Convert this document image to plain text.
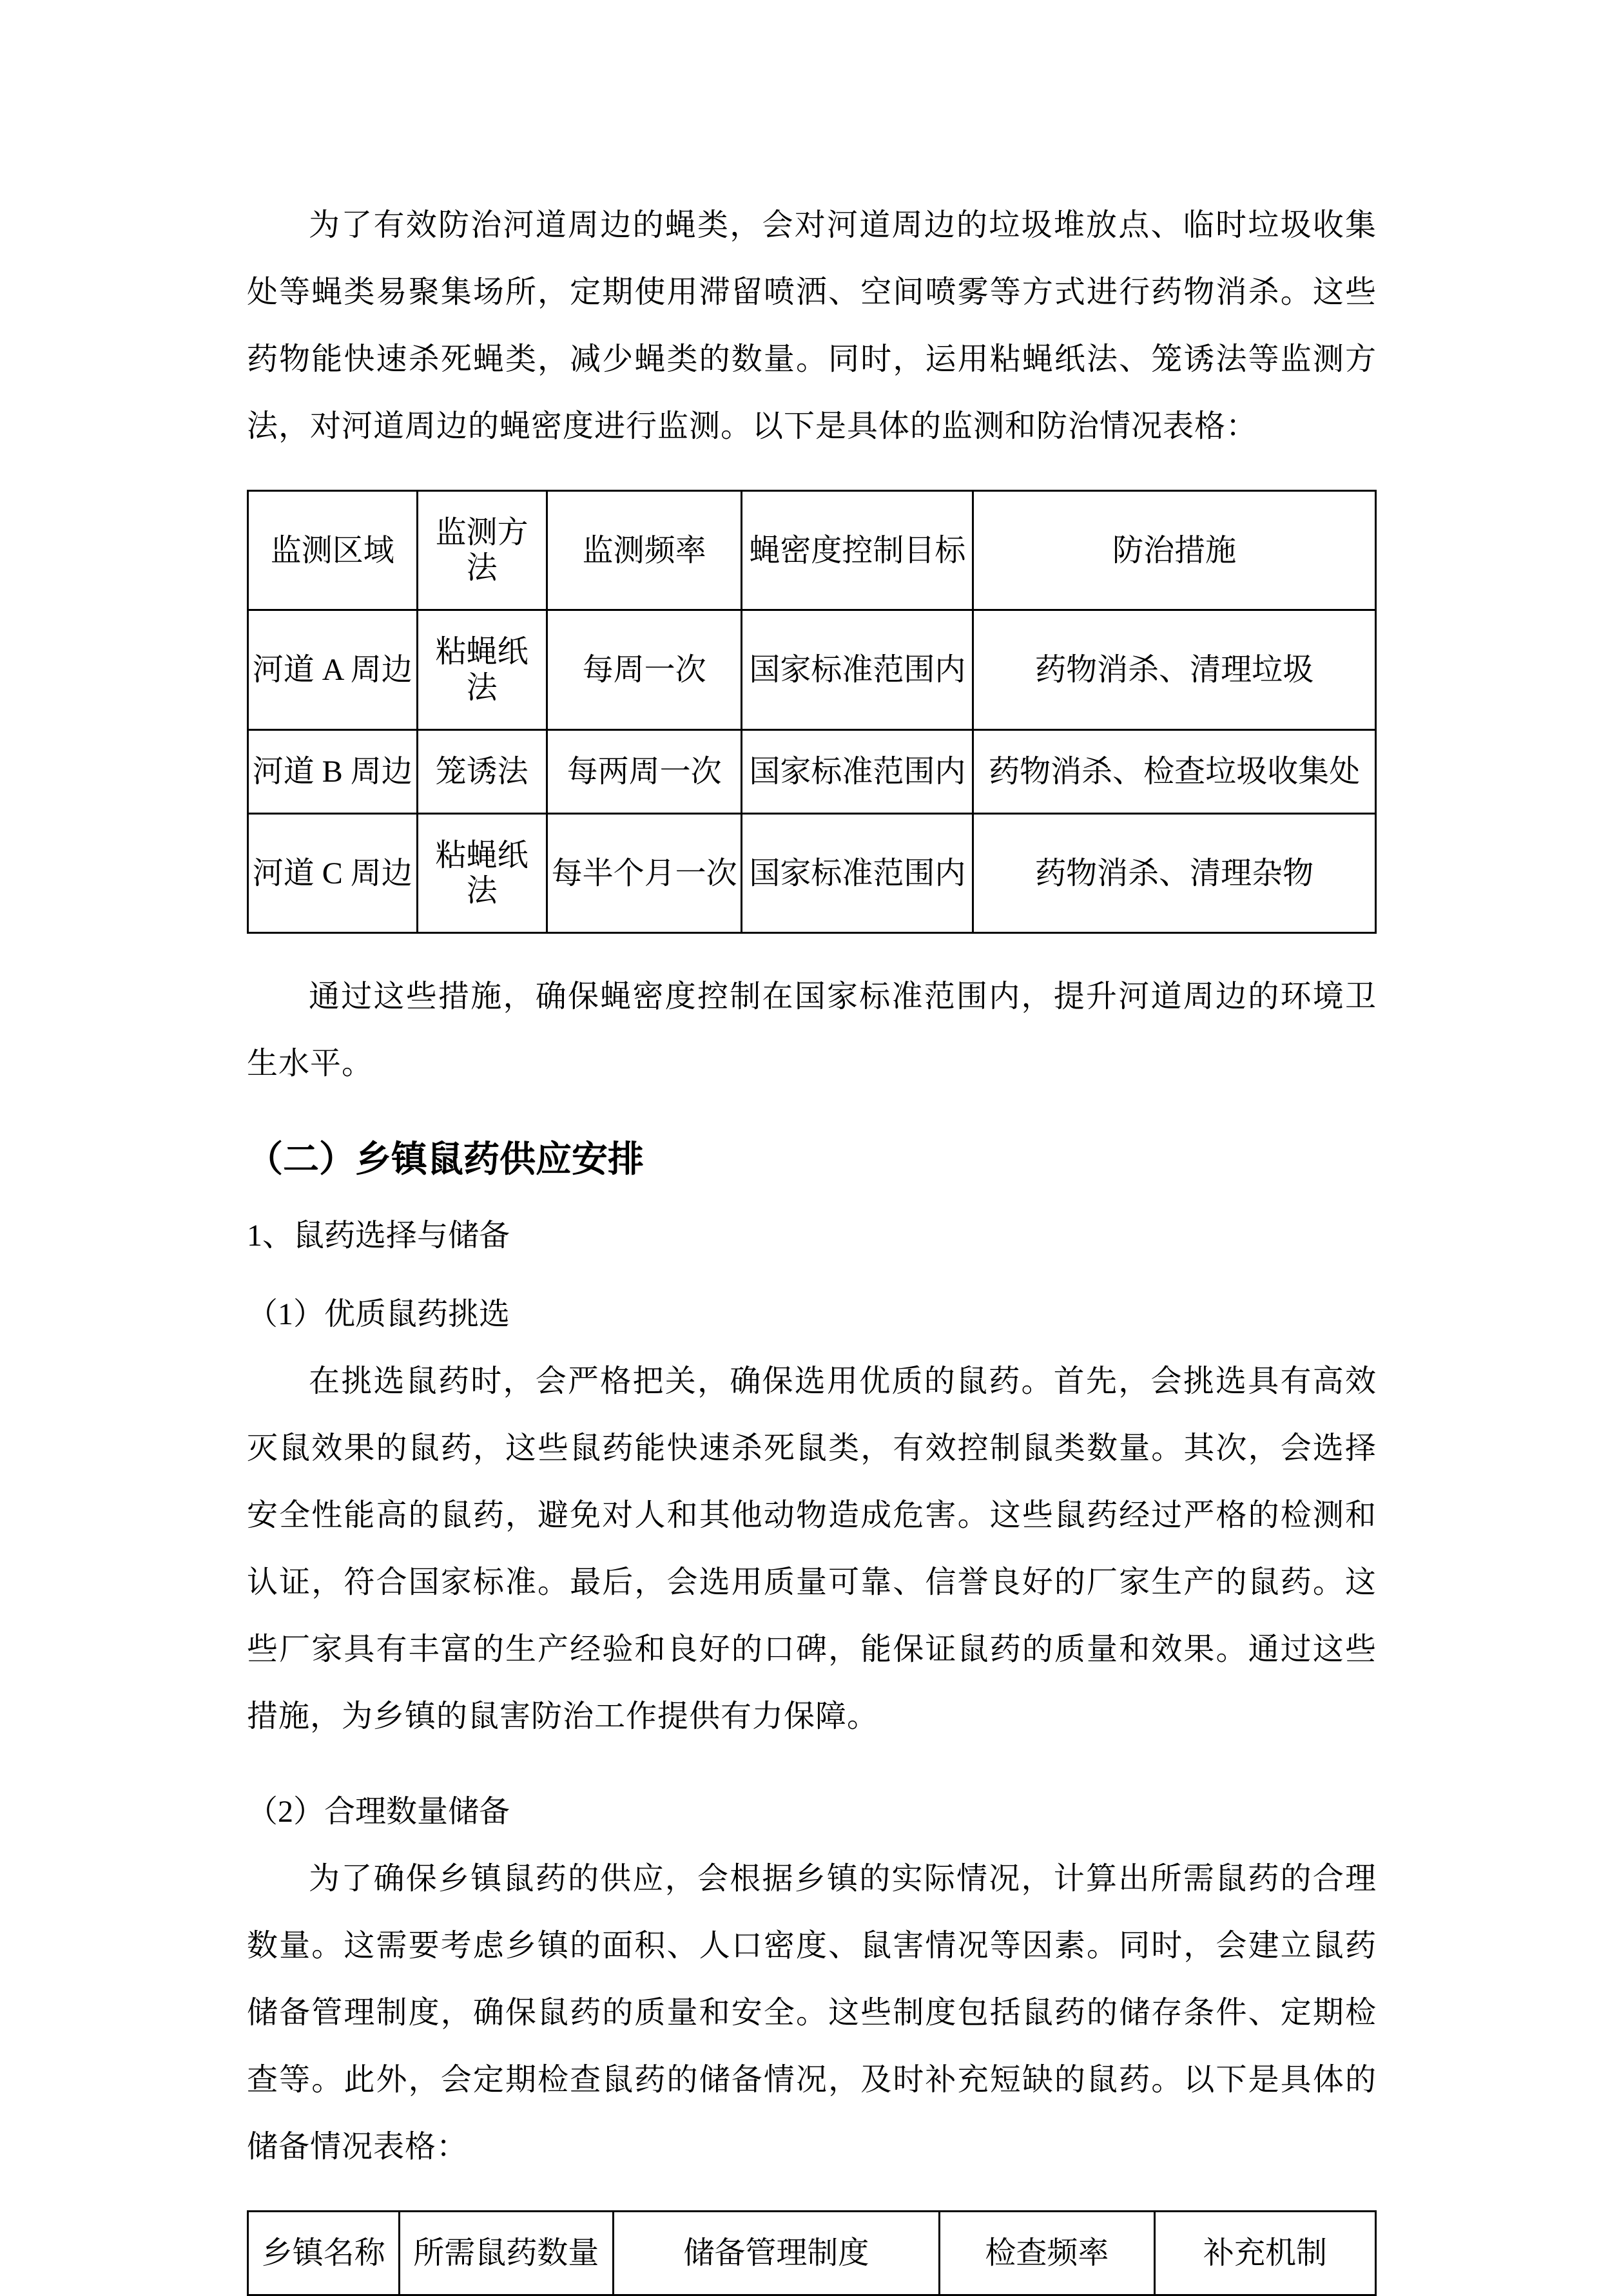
为了有效防治河道周边的蝇类，会对河道周边的垃圾堆放点、临时垃圾收集处等蝇类易聚集场所，定期使用滞留喷洒、空间喷雾等方式进行药物消杀。这些药物能快速杀死蝇类，减少蝇类的数量。同时，运用粘蝇纸法、笼诱法等监测方法，对河道周边的蝇密度进行监测。以下是具体的监测和防治情况表格：

监测区域	监测方法	监测频率	蝇密度控制目标	防治措施
河道 A 周边	粘蝇纸法	每周一次	国家标准范围内	药物消杀、清理垃圾
河道 B 周边	笼诱法	每两周一次	国家标准范围内	药物消杀、检查垃圾收集处
河道 C 周边	粘蝇纸法	每半个月一次	国家标准范围内	药物消杀、清理杂物

通过这些措施，确保蝇密度控制在国家标准范围内，提升河道周边的环境卫生水平。

（二）乡镇鼠药供应安排
1、鼠药选择与储备
（1）优质鼠药挑选

在挑选鼠药时，会严格把关，确保选用优质的鼠药。首先，会挑选具有高效灭鼠效果的鼠药，这些鼠药能快速杀死鼠类，有效控制鼠类数量。其次，会选择安全性能高的鼠药，避免对人和其他动物造成危害。这些鼠药经过严格的检测和认证，符合国家标准。最后，会选用质量可靠、信誉良好的厂家生产的鼠药。这些厂家具有丰富的生产经验和良好的口碑，能保证鼠药的质量和效果。通过这些措施，为乡镇的鼠害防治工作提供有力保障。

（2）合理数量储备

为了确保乡镇鼠药的供应，会根据乡镇的实际情况，计算出所需鼠药的合理数量。这需要考虑乡镇的面积、人口密度、鼠害情况等因素。同时，会建立鼠药储备管理制度，确保鼠药的质量和安全。这些制度包括鼠药的储存条件、定期检查等。此外，会定期检查鼠药的储备情况，及时补充短缺的鼠药。以下是具体的储备情况表格：

乡镇名称	所需鼠药数量	储备管理制度	检查频率	补充机制
